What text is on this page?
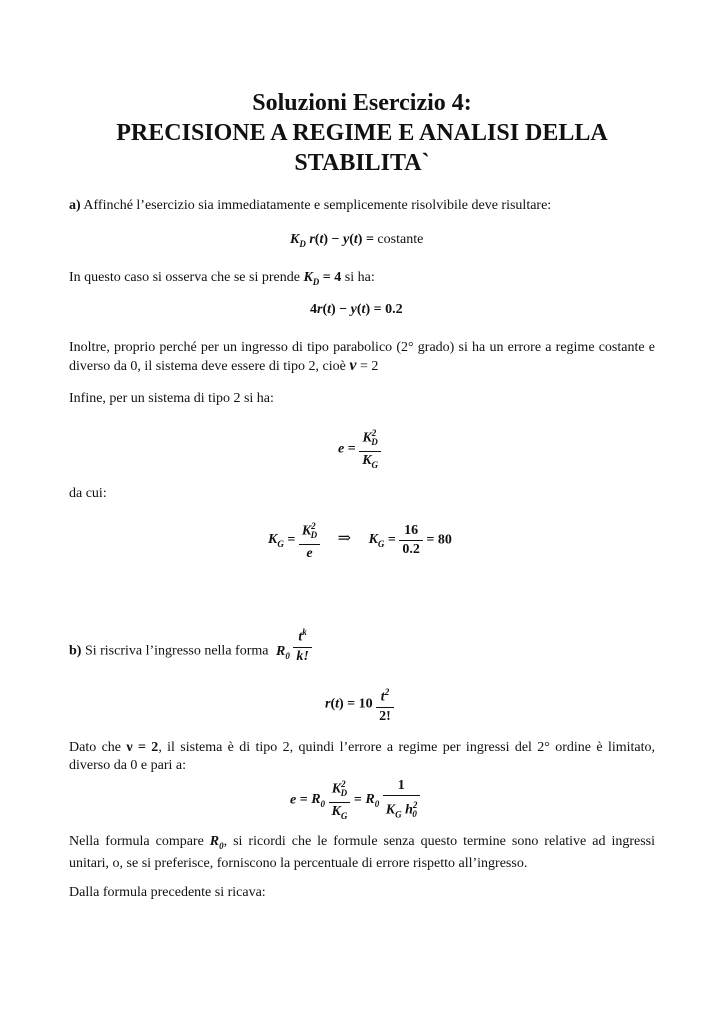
Soluzioni Esercizio 4:
PRECISIONE A REGIME E ANALISI DELLA
STABILITA`
a) Affinché l’esercizio sia immediatamente e semplicemente risolvibile deve risultare:
$K_D$ r(t) − y(t) = costante
In questo caso si osserva che se si prende $K_D = 4$ si ha:
4r(t) − y(t) = 0.2
Inoltre, proprio perché per un ingresso di tipo parabolico (2° grado) si ha un errore a regime costante e diverso da 0, il sistema deve essere di tipo 2, cioè ν = 2
Infine, per un sistema di tipo 2 si ha:
$e = \frac{K^2_D}{K_G}$
da cui:
$K_G = \frac{K^2_D}{e}$ ⇒ $K_G = \frac{16}{0.2} = 80$
b) Si riscriva l’ingresso nella forma $R_0 \frac{t^k}{k!}$
$r(t) = 10 \frac{t^2}{2!}$
Dato che ν = 2, il sistema è di tipo 2, quindi l’errore a regime per ingressi del 2° ordine è limitato, diverso da 0 e pari a:
$e = R_0 \frac{K^2_D}{K_G} = R_0 \frac{1}{K_G h^2_0}$
Nella formula compare $R_0$, si ricordi che le formule senza questo termine sono relative ad ingressi unitari, o, se si preferisce, forniscono la percentuale di errore rispetto all’ingresso.
Dalla formula precedente si ricava:
